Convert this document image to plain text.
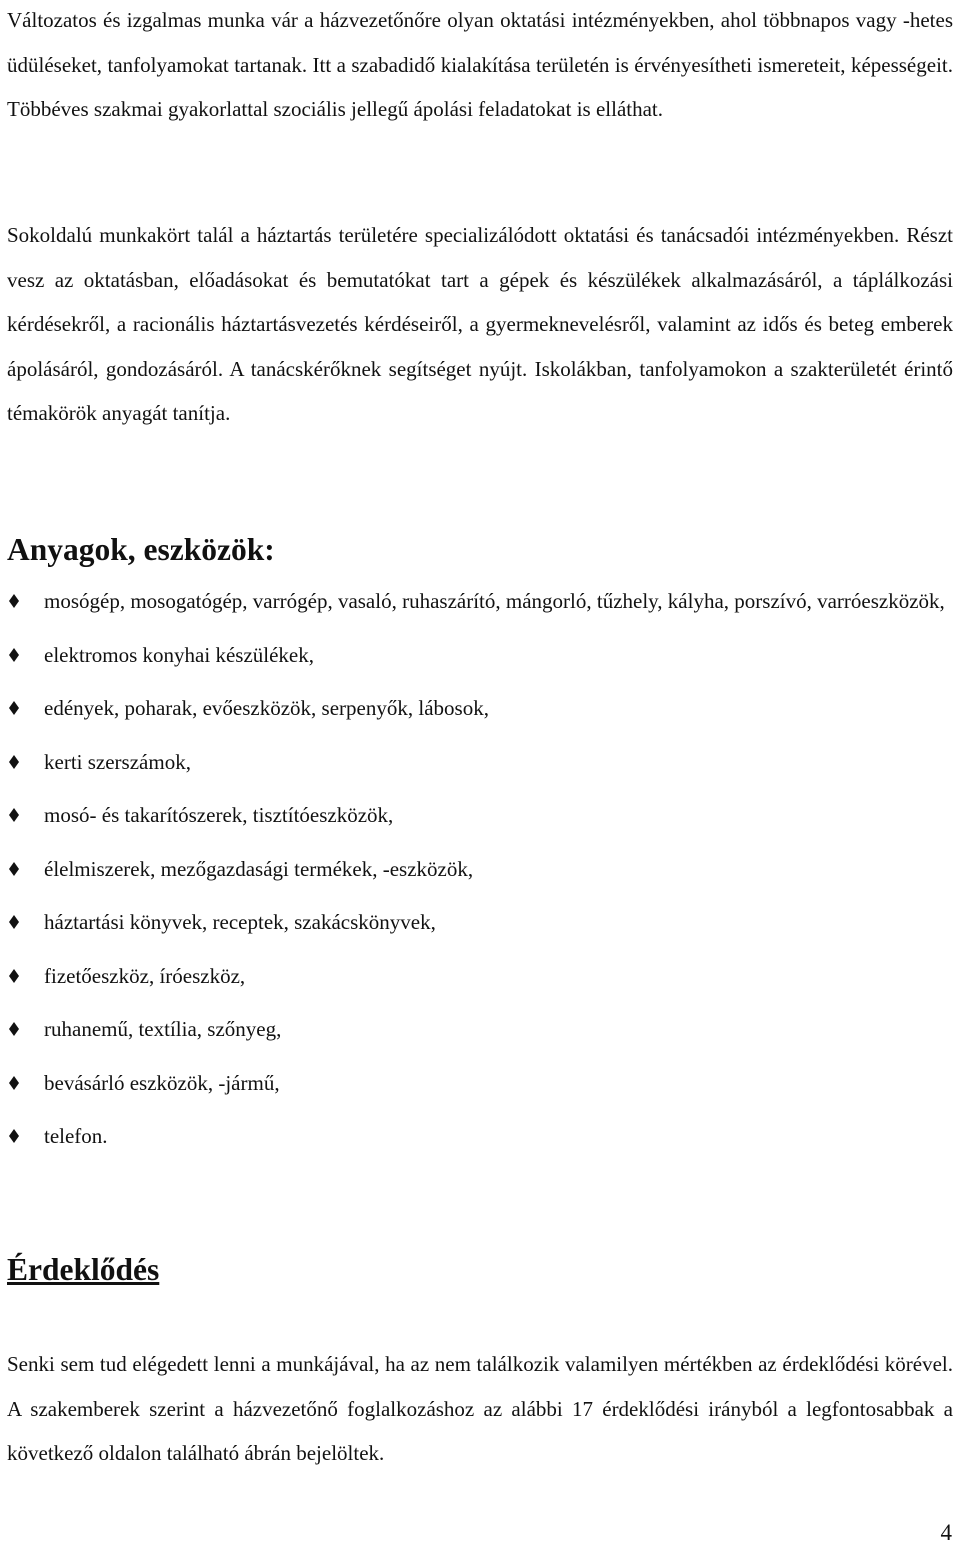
Változatos és izgalmas munka vár a házvezetőnőre olyan oktatási intézményekben, ahol többnapos vagy -hetes üdüléseket, tanfolyamokat tartanak. Itt a szabadidő kialakítása területén is érvényesítheti ismereteit, képességeit. Többéves szakmai gyakorlattal szociális jellegű ápolási feladatokat is elláthat.

Sokoldalú munkakört talál a háztartás területére specializálódott oktatási és tanácsadói intézményekben. Részt vesz az oktatásban, előadásokat és bemutatókat tart a gépek és készülékek alkalmazásáról, a táplálkozási kérdésekről, a racionális háztartásvezetés kérdéseiről, a gyermeknevelésről, valamint az idős és beteg emberek ápolásáról, gondozásáról. A tanácskérőknek segítséget nyújt. Iskolákban, tanfolyamokon a szakterületét érintő témakörök anyagát tanítja.

Anyagok, eszközök:
mosógép, mosogatógép, varrógép, vasaló, ruhaszárító, mángorló, tűzhely, kályha, porszívó, varróeszközök,
elektromos konyhai készülékek,
edények, poharak, evőeszközök, serpenyők, lábosok,
kerti szerszámok,
mosó- és takarítószerek, tisztítóeszközök,
élelmiszerek, mezőgazdasági termékek, -eszközök,
háztartási könyvek, receptek, szakácskönyvek,
fizetőeszköz, íróeszköz,
ruhanemű, textília, szőnyeg,
bevásárló eszközök, -jármű,
telefon.
Érdeklődés

Senki sem tud elégedett lenni a munkájával, ha az nem találkozik valamilyen mértékben az érdeklődési körével. A szakemberek szerint a házvezetőnő foglalkozáshoz az alábbi 17 érdeklődési irányból a legfontosabbak a következő oldalon található ábrán bejelöltek.

4
